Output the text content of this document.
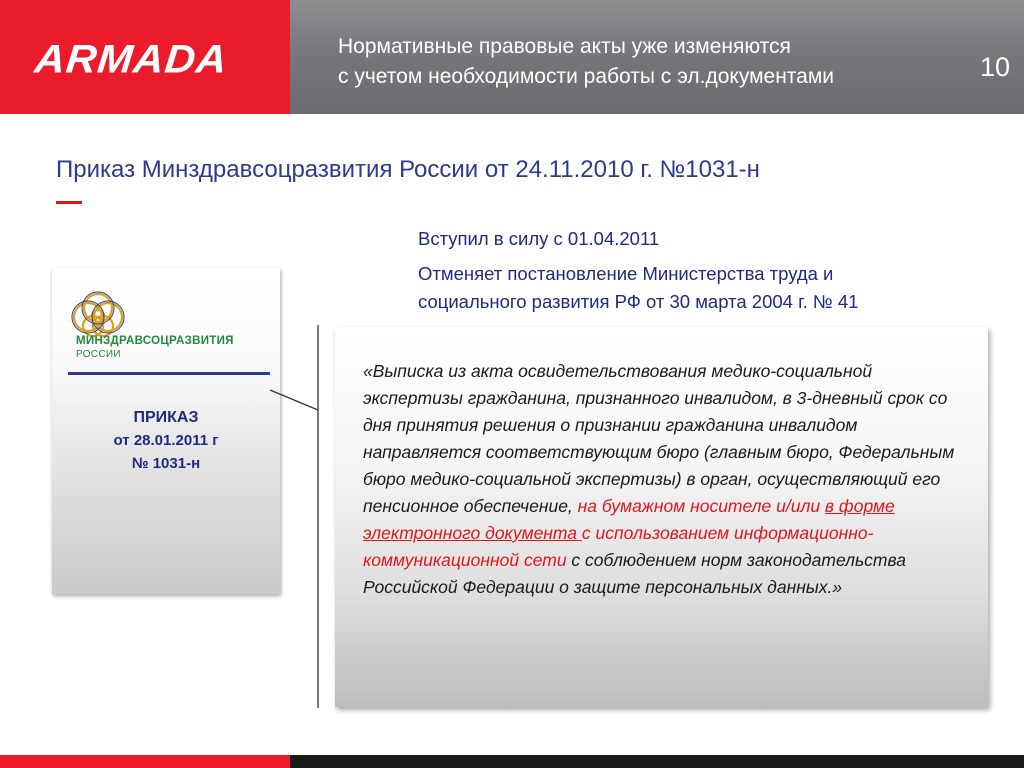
ARMADA	Нормативные правовые акты уже изменяются
с учетом необходимости работы с эл.документами	10
Приказ Минздравсоцразвития России от 24.11.2010 г. №1031-н
Вступил в силу с 01.04.2011
Отменяет постановление Министерства труда и
социального развития РФ от 30 марта 2004 г. № 41
МИНЗДРАВСОЦРАЗВИТИЯ
РОССИИ
ПРИКАЗ
от 28.01.2011 г
№ 1031-н
«Выписка из акта освидетельствования медико-социальной экспертизы гражданина, признанного инвалидом, в 3-дневный срок со дня принятия решения о признании гражданина инвалидом направляется соответствующим бюро (главным бюро, Федеральным бюро медико-социальной экспертизы) в орган, осуществляющий его пенсионное обеспечение, на бумажном носителе и/или в форме электронного документа с использованием информационно-коммуникационной сети с соблюдением норм законодательства Российской Федерации о защите персональных данных.»
